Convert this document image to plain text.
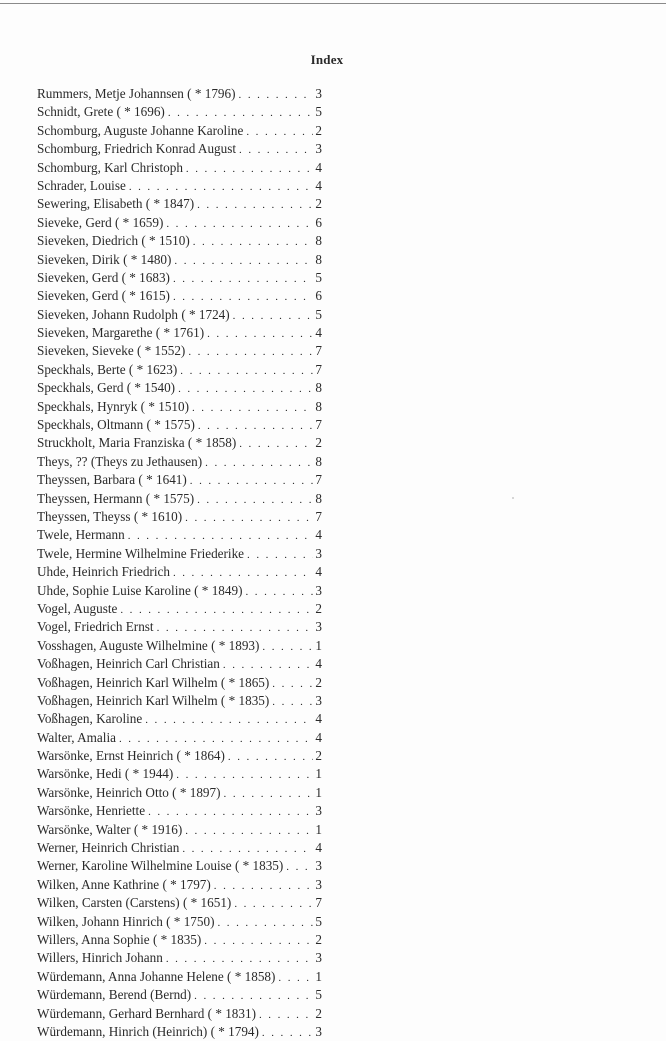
Index
Rummers, Metje Johannsen ( * 1796) . . .	3
Schnidt, Grete ( * 1696) . . .	5
Schomburg, Auguste Johanne Karoline . . .	2
Schomburg, Friedrich Konrad August . . .	3
Schomburg, Karl Christoph . . .	4
Schrader, Louise . . .	4
Sewering, Elisabeth ( * 1847) . . .	2
Sieveke, Gerd ( * 1659) . . .	6
Sieveken, Diedrich ( * 1510) . . .	8
Sieveken, Dirik ( * 1480) . . .	8
Sieveken, Gerd ( * 1683) . . .	5
Sieveken, Gerd ( * 1615) . . .	6
Sieveken, Johann Rudolph ( * 1724) . . .	5
Sieveken, Margarethe ( * 1761) . . .	4
Sieveken, Sieveke ( * 1552) . . .	7
Speckhals, Berte ( * 1623) . . .	7
Speckhals, Gerd ( * 1540) . . .	8
Speckhals, Hynryk ( * 1510) . . .	8
Speckhals, Oltmann ( * 1575) . . .	7
Struckholt, Maria Franziska ( * 1858) . . .	2
Theys, ?? (Theys zu Jethausen) . . .	8
Theyssen, Barbara ( * 1641) . . .	7
Theyssen, Hermann ( * 1575) . . .	8
Theyssen, Theyss ( * 1610) . . .	7
Twele, Hermann . . .	4
Twele, Hermine Wilhelmine Friederike . . .	3
Uhde, Heinrich Friedrich . . .	4
Uhde, Sophie Luise Karoline ( * 1849) . . .	3
Vogel, Auguste . . .	2
Vogel, Friedrich Ernst . . .	3
Vosshagen, Auguste Wilhelmine ( * 1893) . . .	1
Voßhagen, Heinrich Carl Christian . . .	4
Voßhagen, Heinrich Karl Wilhelm ( * 1865) . . .	2
Voßhagen, Heinrich Karl Wilhelm ( * 1835) . . .	3
Voßhagen, Karoline . . .	4
Walter, Amalia . . .	4
Warsönke, Ernst Heinrich ( * 1864) . . .	2
Warsönke, Hedi ( * 1944) . . .	1
Warsönke, Heinrich Otto ( * 1897) . . .	1
Warsönke, Henriette . . .	3
Warsönke, Walter ( * 1916) . . .	1
Werner, Heinrich Christian . . .	4
Werner, Karoline Wilhelmine Louise ( * 1835) . . . 3
Wilken, Anne Kathrine ( * 1797) . . .	3
Wilken, Carsten (Carstens) ( * 1651) . . .	7
Wilken, Johann Hinrich ( * 1750) . . .	5
Willers, Anna Sophie ( * 1835) . . .	2
Willers, Hinrich Johann . . .	3
Würdemann, Anna Johanne Helene ( * 1858) . . .	1
Würdemann, Berend (Bernd) . . .	5
Würdemann, Gerhard Bernhard ( * 1831) . . .	2
Würdemann, Hinrich (Heinrich) ( * 1794) . . .	3
